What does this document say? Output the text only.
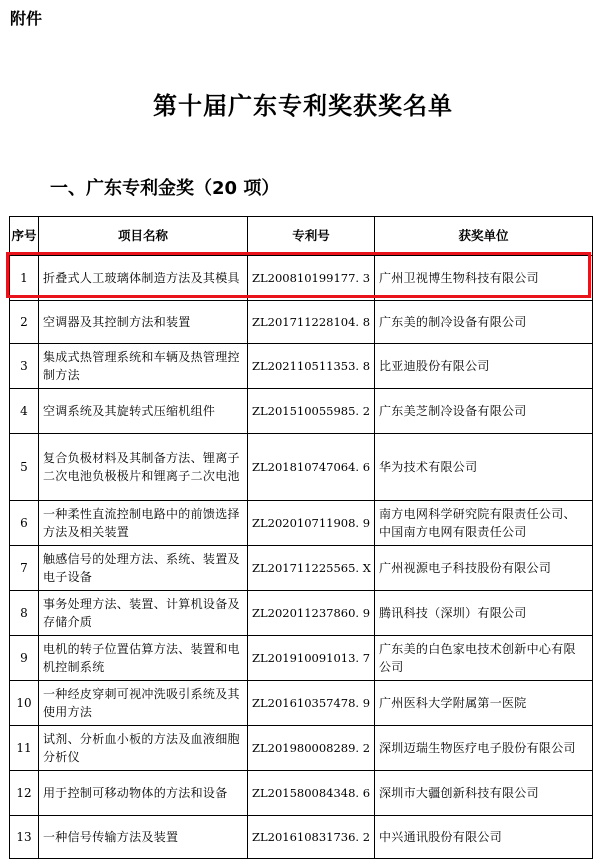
附件
第十届广东专利奖获奖名单
一、广东专利金奖（20 项）
序号	项目名称	专利号	获奖单位
1	折叠式人工玻璃体制造方法及其模具	ZL200810199177. 3	广州卫视博生物科技有限公司
2	空调器及其控制方法和装置	ZL201711228104. 8	广东美的制冷设备有限公司
3	集成式热管理系统和车辆及热管理控制方法	ZL202110511353. 8	比亚迪股份有限公司
4	空调系统及其旋转式压缩机组件	ZL201510055985. 2	广东美芝制冷设备有限公司
5	复合负极材料及其制备方法、锂离子二次电池负极极片和锂离子二次电池	ZL201810747064. 6	华为技术有限公司
6	一种柔性直流控制电路中的前馈选择方法及相关装置	ZL202010711908. 9	南方电网科学研究院有限责任公司、中国南方电网有限责任公司
7	触感信号的处理方法、系统、装置及电子设备	ZL201711225565. X	广州视源电子科技股份有限公司
8	事务处理方法、装置、计算机设备及存储介质	ZL202011237860. 9	腾讯科技（深圳）有限公司
9	电机的转子位置估算方法、装置和电机控制系统	ZL201910091013. 7	广东美的白色家电技术创新中心有限公司
10	一种经皮穿刺可视冲洗吸引系统及其使用方法	ZL201610357478. 9	广州医科大学附属第一医院
11	试剂、分析血小板的方法及血液细胞分析仪	ZL201980008289. 2	深圳迈瑞生物医疗电子股份有限公司
12	用于控制可移动物体的方法和设备	ZL201580084348. 6	深圳市大疆创新科技有限公司
13	一种信号传输方法及装置	ZL201610831736. 2	中兴通讯股份有限公司
